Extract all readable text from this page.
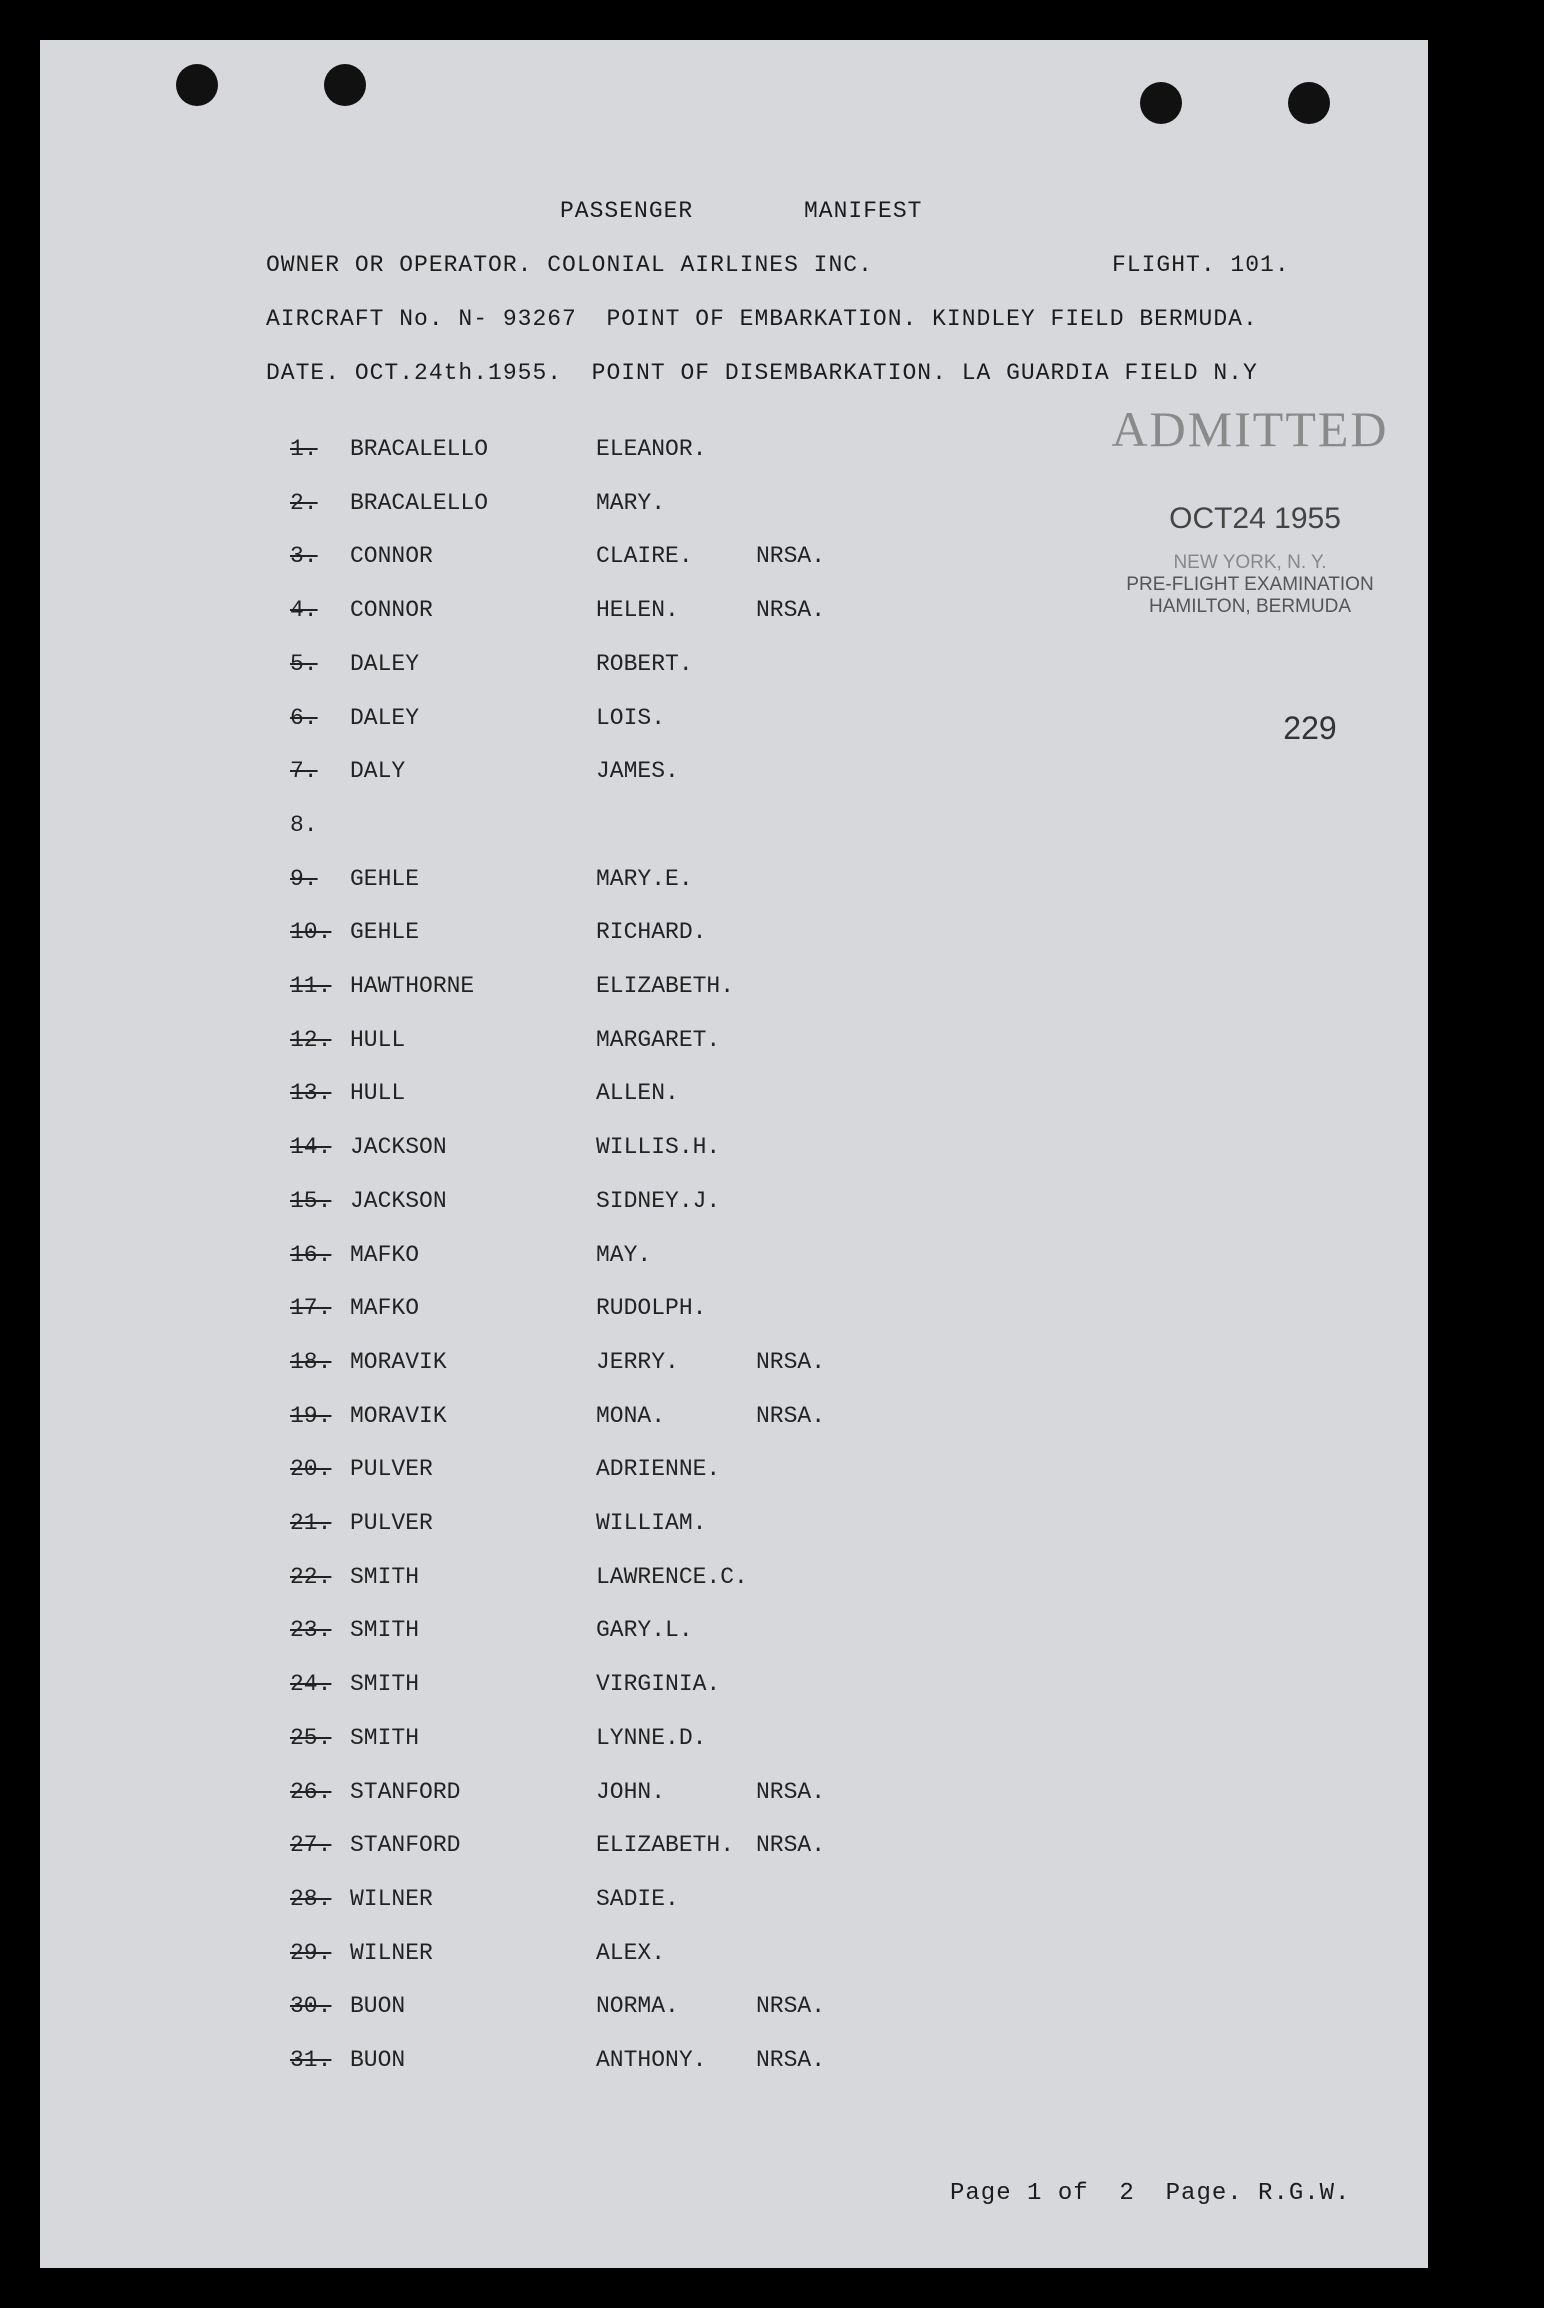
PASSENGER	MANIFEST
OWNER OR OPERATOR. COLONIAL AIRLINES INC.	FLIGHT. 101.
AIRCRAFT No. N- 93267  POINT OF EMBARKATION. KINDLEY FIELD BERMUDA.
DATE. OCT.24th.1955.  POINT OF DISEMBARKATION. LA GUARDIA FIELD N.Y
ADMITTED
OCT24 1955
NEW YORK, N. Y.
PRE-FLIGHT EXAMINATION
HAMILTON, BERMUDA
229
1. BRACALELLO	ELEANOR.
2. BRACALELLO	MARY.
3. CONNOR	CLAIRE.	NRSA.
4. CONNOR	HELEN.	NRSA.
5. DALEY	ROBERT.
6. DALEY	LOIS.
7. DALY	JAMES.
8.
9. GEHLE	MARY.E.
10. GEHLE	RICHARD.
11. HAWTHORNE	ELIZABETH.
12. HULL	MARGARET.
13. HULL	ALLEN.
14. JACKSON	WILLIS.H.
15. JACKSON	SIDNEY.J.
16. MAFKO	MAY.
17. MAFKO	RUDOLPH.
18. MORAVIK	JERRY.	NRSA.
19. MORAVIK	MONA.	NRSA.
20. PULVER	ADRIENNE.
21. PULVER	WILLIAM.
22. SMITH	LAWRENCE.C.
23. SMITH	GARY.L.
24. SMITH	VIRGINIA.
25. SMITH	LYNNE.D.
26. STANFORD	JOHN.	NRSA.
27. STANFORD	ELIZABETH. NRSA.
28. WILNER	SADIE.
29. WILNER	ALEX.
30. BUON	NORMA.	NRSA.
31. BUON	ANTHONY. NRSA.
Page 1 of  2  Page. R.G.W.
